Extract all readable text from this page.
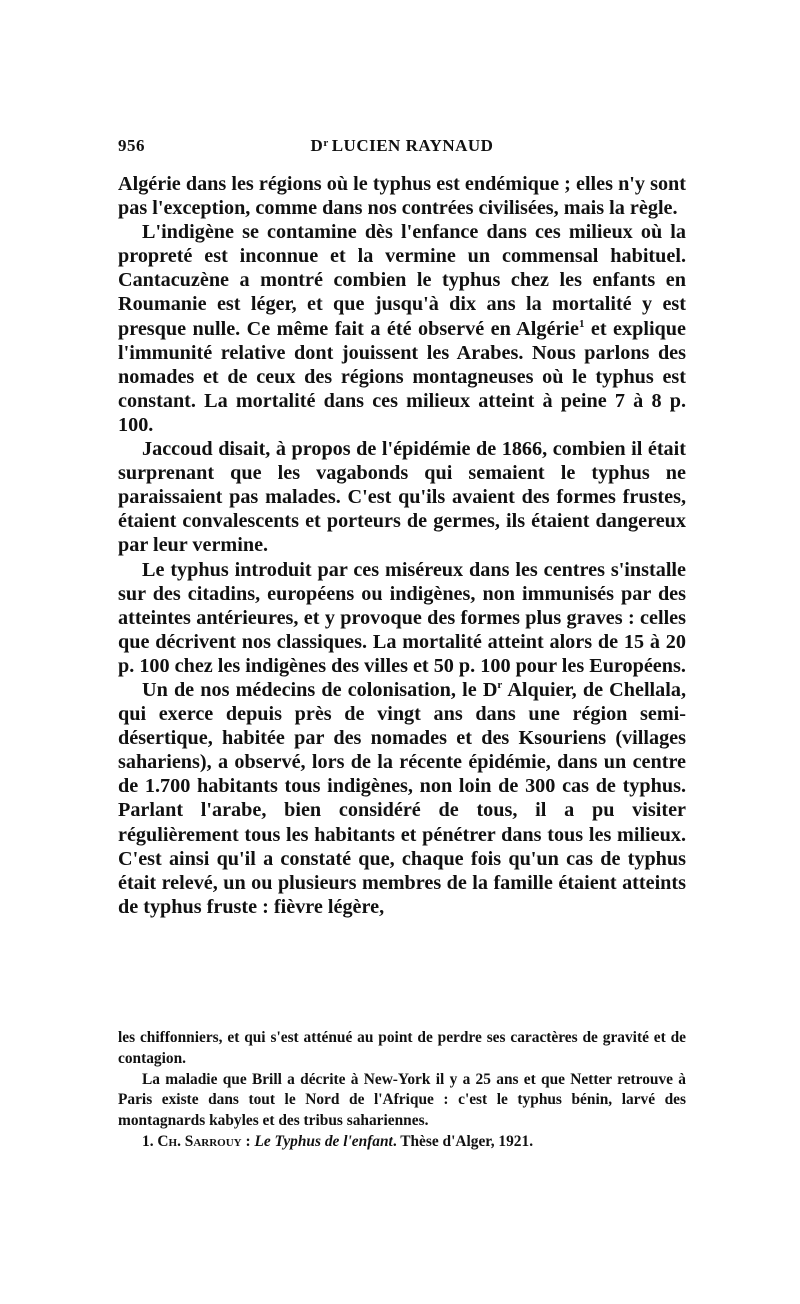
956	$D^r$ LUCIEN RAYNAUD

Algérie dans les régions où le typhus est endémique ; elles n'y sont pas l'exception, comme dans nos contrées civilisées, mais la règle.

L'indigène se contamine dès l'enfance dans ces milieux où la propreté est inconnue et la vermine un commensal habituel. Cantacuzène a montré combien le typhus chez les enfants en Roumanie est léger, et que jusqu'à dix ans la mortalité y est presque nulle. Ce même fait a été observé en Algérie$^1$ et explique l'immunité relative dont jouissent les Arabes. Nous parlons des nomades et de ceux des régions montagneuses où le typhus est constant. La mortalité dans ces milieux atteint à peine 7 à 8 p. 100.

Jaccoud disait, à propos de l'épidémie de 1866, combien il était surprenant que les vagabonds qui semaient le typhus ne paraissaient pas malades. C'est qu'ils avaient des formes frustes, étaient convalescents et porteurs de germes, ils étaient dangereux par leur vermine.

Le typhus introduit par ces miséreux dans les centres s'installe sur des citadins, européens ou indigènes, non immunisés par des atteintes antérieures, et y provoque des formes plus graves : celles que décrivent nos classiques. La mortalité atteint alors de 15 à 20 p. 100 chez les indigènes des villes et 50 p. 100 pour les Européens.

Un de nos médecins de colonisation, le $D^r$ Alquier, de Chellala, qui exerce depuis près de vingt ans dans une région semi-désertique, habitée par des nomades et des Ksouriens (villages sahariens), a observé, lors de la récente épidémie, dans un centre de 1.700 habitants tous indigènes, non loin de 300 cas de typhus. Parlant l'arabe, bien considéré de tous, il a pu visiter régulièrement tous les habitants et pénétrer dans tous les milieux. C'est ainsi qu'il a constaté que, chaque fois qu'un cas de typhus était relevé, un ou plusieurs membres de la famille étaient atteints de typhus fruste : fièvre légère,

les chiffonniers, et qui s'est atténué au point de perdre ses caractères de gravité et de contagion.

La maladie que Brill a décrite à New-York il y a 25 ans et que Netter retrouve à Paris existe dans tout le Nord de l'Afrique : c'est le typhus bénin, larvé des montagnards kabyles et des tribus sahariennes.

1. Ch. Sarrouy : Le Typhus de l'enfant. Thèse d'Alger, 1921.
